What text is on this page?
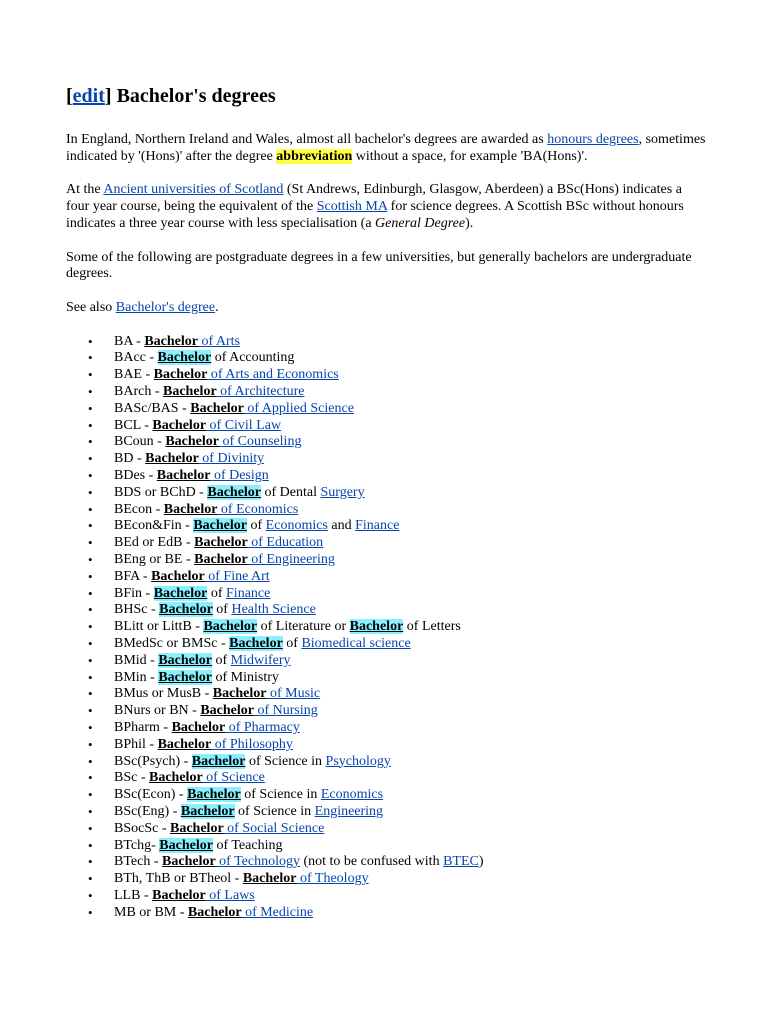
[edit] Bachelor's degrees

In England, Northern Ireland and Wales, almost all bachelor's degrees are awarded as honours degrees, sometimes indicated by '(Hons)' after the degree abbreviation without a space, for example 'BA(Hons)'.

At the Ancient universities of Scotland (St Andrews, Edinburgh, Glasgow, Aberdeen) a BSc(Hons) indicates a four year course, being the equivalent of the Scottish MA for science degrees. A Scottish BSc without honours indicates a three year course with less specialisation (a General Degree).

Some of the following are postgraduate degrees in a few universities, but generally bachelors are undergraduate degrees.

See also Bachelor's degree.

• BA - Bachelor of Arts
• BAcc - Bachelor of Accounting
• BAE - Bachelor of Arts and Economics
• BArch - Bachelor of Architecture
• BASc/BAS - Bachelor of Applied Science
• BCL - Bachelor of Civil Law
• BCoun - Bachelor of Counseling
• BD - Bachelor of Divinity
• BDes - Bachelor of Design
• BDS or BChD - Bachelor of Dental Surgery
• BEcon - Bachelor of Economics
• BEcon&Fin - Bachelor of Economics and Finance
• BEd or EdB - Bachelor of Education
• BEng or BE - Bachelor of Engineering
• BFA - Bachelor of Fine Art
• BFin - Bachelor of Finance
• BHSc - Bachelor of Health Science
• BLitt or LittB - Bachelor of Literature or Bachelor of Letters
• BMedSc or BMSc - Bachelor of Biomedical science
• BMid - Bachelor of Midwifery
• BMin - Bachelor of Ministry
• BMus or MusB - Bachelor of Music
• BNurs or BN - Bachelor of Nursing
• BPharm - Bachelor of Pharmacy
• BPhil - Bachelor of Philosophy
• BSc(Psych) - Bachelor of Science in Psychology
• BSc - Bachelor of Science
• BSc(Econ) - Bachelor of Science in Economics
• BSc(Eng) - Bachelor of Science in Engineering
• BSocSc - Bachelor of Social Science
• BTchg- Bachelor of Teaching
• BTech - Bachelor of Technology (not to be confused with BTEC)
• BTh, ThB or BTheol - Bachelor of Theology
• LLB - Bachelor of Laws
• MB or BM - Bachelor of Medicine
